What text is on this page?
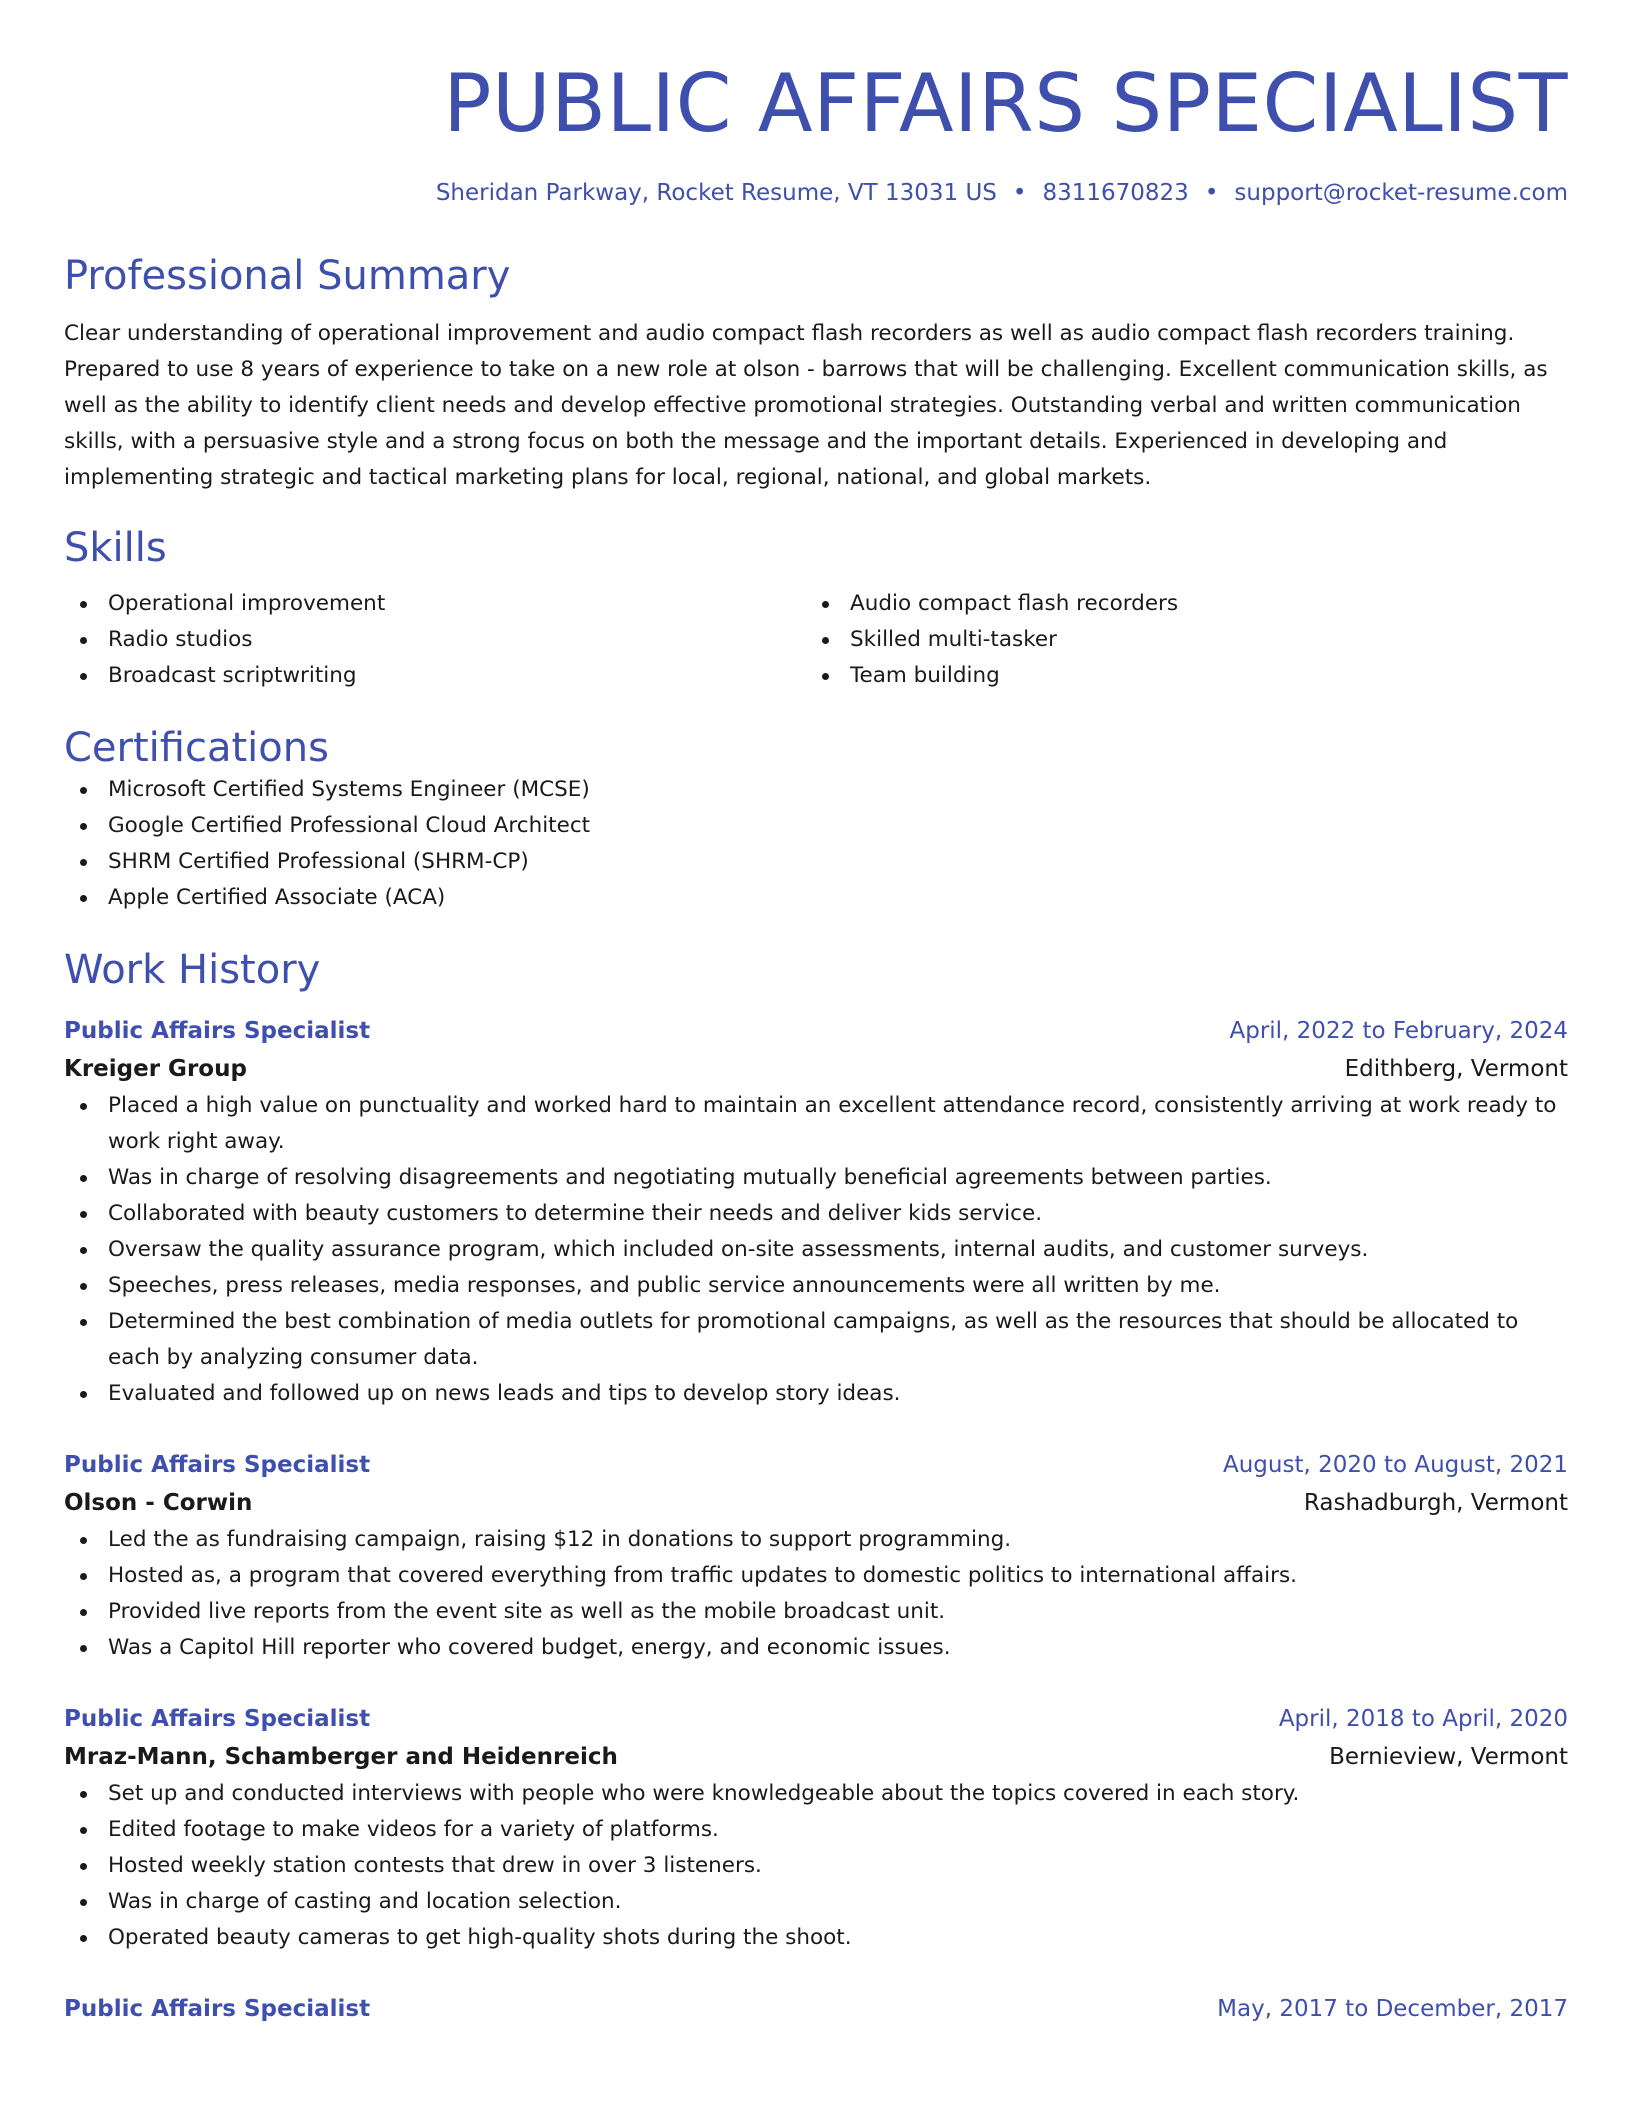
PUBLIC AFFAIRS SPECIALIST
Sheridan Parkway, Rocket Resume, VT 13031 US • 8311670823 • support@rocket-resume.com
Professional Summary

Clear understanding of operational improvement and audio compact flash recorders as well as audio compact flash recorders training. Prepared to use 8 years of experience to take on a new role at olson - barrows that will be challenging. Excellent communication skills, as well as the ability to identify client needs and develop effective promotional strategies. Outstanding verbal and written communication skills, with a persuasive style and a strong focus on both the message and the important details. Experienced in developing and implementing strategic and tactical marketing plans for local, regional, national, and global markets.

Skills
Operational improvement
Radio studios
Broadcast scriptwriting
Audio compact flash recorders
Skilled multi-tasker
Team building
Certifications
Microsoft Certified Systems Engineer (MCSE)
Google Certified Professional Cloud Architect
SHRM Certified Professional (SHRM-CP)
Apple Certified Associate (ACA)
Work History
Public Affairs Specialist	April, 2022 to February, 2024
Kreiger Group	Edithberg, Vermont
Placed a high value on punctuality and worked hard to maintain an excellent attendance record, consistently arriving at work ready to work right away.
Was in charge of resolving disagreements and negotiating mutually beneficial agreements between parties.
Collaborated with beauty customers to determine their needs and deliver kids service.
Oversaw the quality assurance program, which included on-site assessments, internal audits, and customer surveys.
Speeches, press releases, media responses, and public service announcements were all written by me.
Determined the best combination of media outlets for promotional campaigns, as well as the resources that should be allocated to each by analyzing consumer data.
Evaluated and followed up on news leads and tips to develop story ideas.
Public Affairs Specialist	August, 2020 to August, 2021
Olson - Corwin	Rashadburgh, Vermont
Led the as fundraising campaign, raising $12 in donations to support programming.
Hosted as, a program that covered everything from traffic updates to domestic politics to international affairs.
Provided live reports from the event site as well as the mobile broadcast unit.
Was a Capitol Hill reporter who covered budget, energy, and economic issues.
Public Affairs Specialist	April, 2018 to April, 2020
Mraz-Mann, Schamberger and Heidenreich	Bernieview, Vermont
Set up and conducted interviews with people who were knowledgeable about the topics covered in each story.
Edited footage to make videos for a variety of platforms.
Hosted weekly station contests that drew in over 3 listeners.
Was in charge of casting and location selection.
Operated beauty cameras to get high-quality shots during the shoot.
Public Affairs Specialist	May, 2017 to December, 2017
